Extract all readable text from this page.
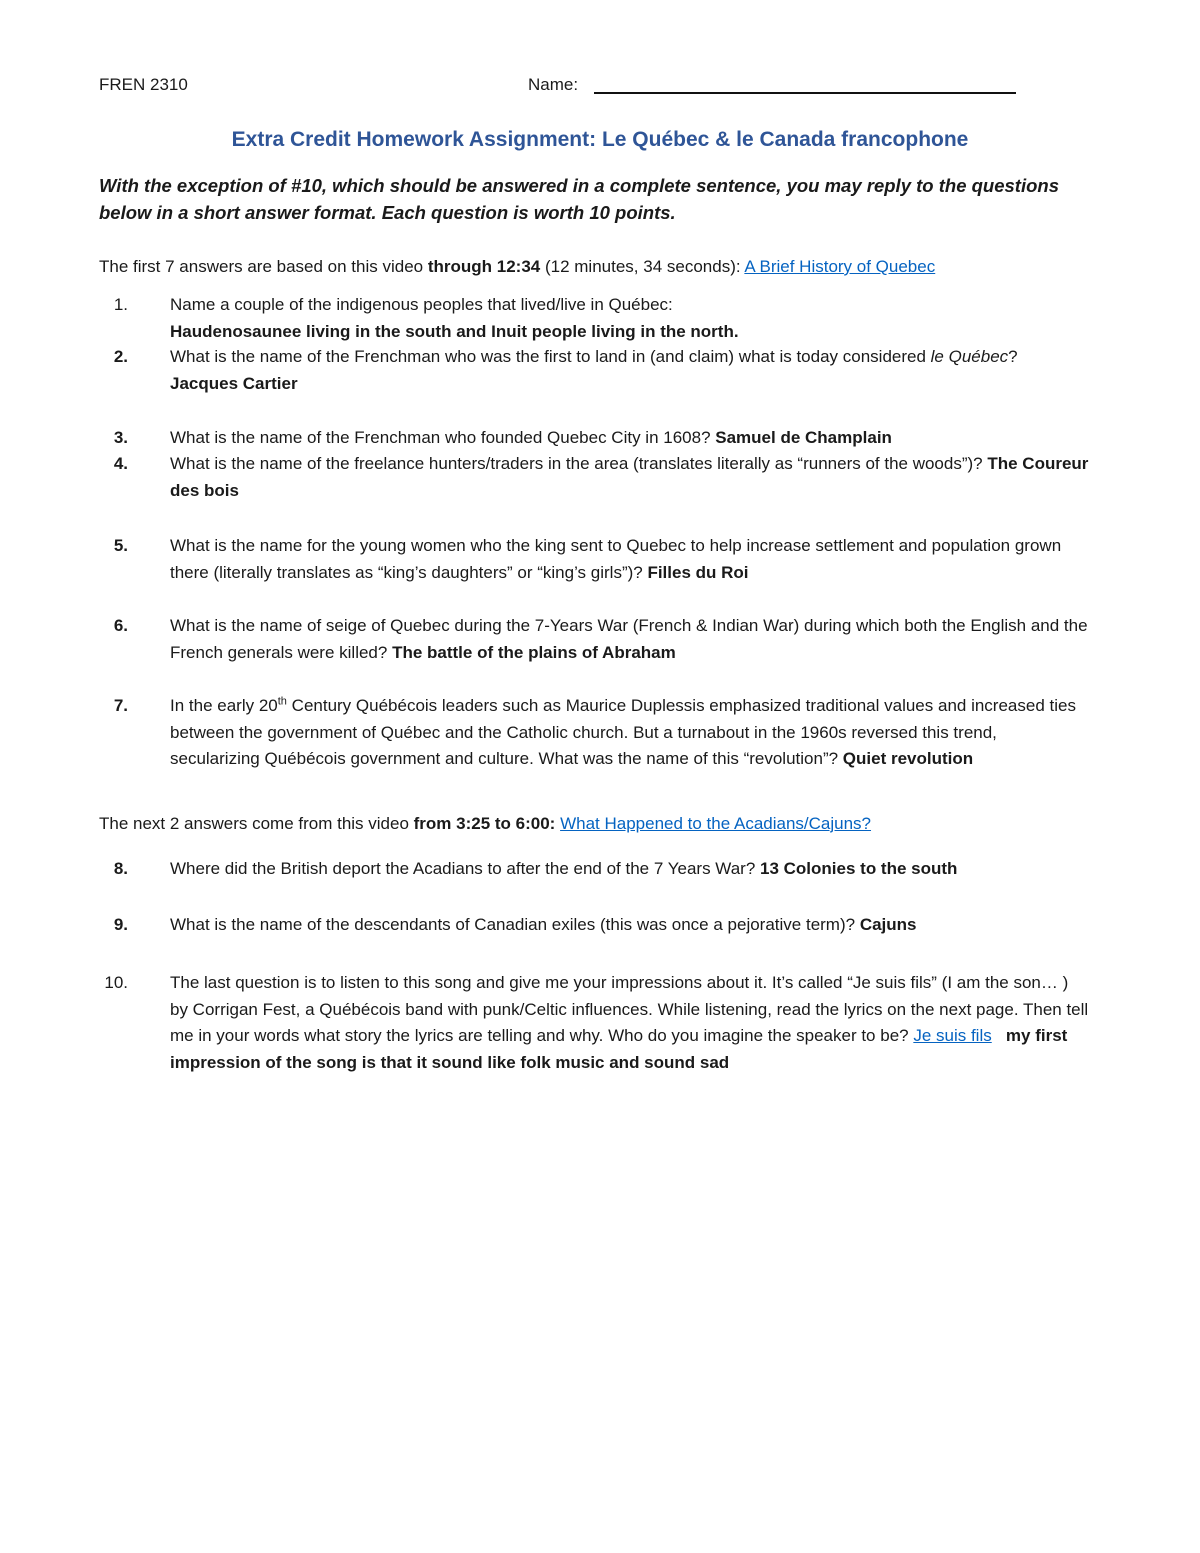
FREN 2310	Name:
Extra Credit Homework Assignment: Le Québec & le Canada francophone
With the exception of #10, which should be answered in a complete sentence, you may reply to the questions below in a short answer format. Each question is worth 10 points.
The first 7 answers are based on this video through 12:34 (12 minutes, 34 seconds): A Brief History of Quebec
1. Name a couple of the indigenous peoples that lived/live in Québec:
Haudenosaunee living in the south and Inuit people living in the north.
2. What is the name of the Frenchman who was the first to land in (and claim) what is today considered le Québec? Jacques Cartier
3. What is the name of the Frenchman who founded Quebec City in 1608? Samuel de Champlain
4. What is the name of the freelance hunters/traders in the area (translates literally as “runners of the woods”)? The Coureur des bois
5. What is the name for the young women who the king sent to Quebec to help increase settlement and population grown there (literally translates as “king’s daughters” or “king’s girls”)? Filles du Roi
6. What is the name of seige of Quebec during the 7-Years War (French & Indian War) during which both the English and the French generals were killed? The battle of the plains of Abraham
7. In the early 20th Century Québécois leaders such as Maurice Duplessis emphasized traditional values and increased ties between the government of Québec and the Catholic church. But a turnabout in the 1960s reversed this trend, secularizing Québécois government and culture. What was the name of this “revolution”? Quiet revolution
The next 2 answers come from this video from 3:25 to 6:00: What Happened to the Acadians/Cajuns?
8. Where did the British deport the Acadians to after the end of the 7 Years War? 13 Colonies to the south
9. What is the name of the descendants of Canadian exiles (this was once a pejorative term)? Cajuns
10. The last question is to listen to this song and give me your impressions about it. It’s called “Je suis fils” (I am the son… ) by Corrigan Fest, a Québécois band with punk/Celtic influences. While listening, read the lyrics on the next page. Then tell me in your words what story the lyrics are telling and why. Who do you imagine the speaker to be? Je suis fils my first impression of the song is that it sound like folk music and sound sad
